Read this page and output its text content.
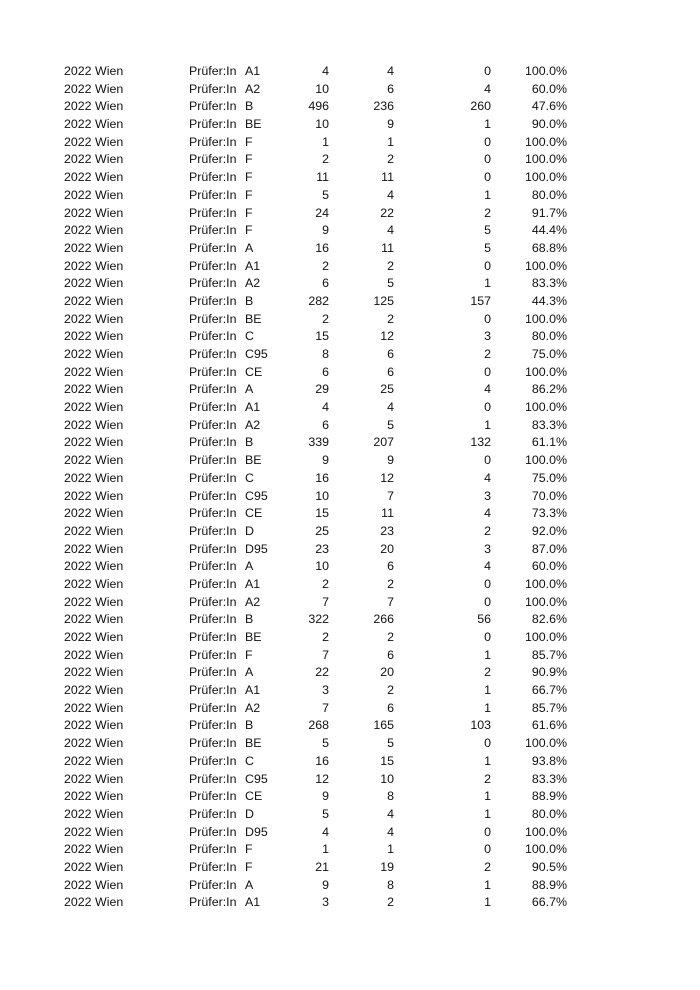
2022 Wien	Prüfer:In A1	4	4	0	100.0%
2022 Wien	Prüfer:In A2	10	6	4	60.0%
2022 Wien	Prüfer:In B	496	236	260	47.6%
2022 Wien	Prüfer:In BE	10	9	1	90.0%
2022 Wien	Prüfer:In F	1	1	0	100.0%
2022 Wien	Prüfer:In F	2	2	0	100.0%
2022 Wien	Prüfer:In F	11	11	0	100.0%
2022 Wien	Prüfer:In F	5	4	1	80.0%
2022 Wien	Prüfer:In F	24	22	2	91.7%
2022 Wien	Prüfer:In F	9	4	5	44.4%
2022 Wien	Prüfer:In A	16	11	5	68.8%
2022 Wien	Prüfer:In A1	2	2	0	100.0%
2022 Wien	Prüfer:In A2	6	5	1	83.3%
2022 Wien	Prüfer:In B	282	125	157	44.3%
2022 Wien	Prüfer:In BE	2	2	0	100.0%
2022 Wien	Prüfer:In C	15	12	3	80.0%
2022 Wien	Prüfer:In C95	8	6	2	75.0%
2022 Wien	Prüfer:In CE	6	6	0	100.0%
2022 Wien	Prüfer:In A	29	25	4	86.2%
2022 Wien	Prüfer:In A1	4	4	0	100.0%
2022 Wien	Prüfer:In A2	6	5	1	83.3%
2022 Wien	Prüfer:In B	339	207	132	61.1%
2022 Wien	Prüfer:In BE	9	9	0	100.0%
2022 Wien	Prüfer:In C	16	12	4	75.0%
2022 Wien	Prüfer:In C95	10	7	3	70.0%
2022 Wien	Prüfer:In CE	15	11	4	73.3%
2022 Wien	Prüfer:In D	25	23	2	92.0%
2022 Wien	Prüfer:In D95	23	20	3	87.0%
2022 Wien	Prüfer:In A	10	6	4	60.0%
2022 Wien	Prüfer:In A1	2	2	0	100.0%
2022 Wien	Prüfer:In A2	7	7	0	100.0%
2022 Wien	Prüfer:In B	322	266	56	82.6%
2022 Wien	Prüfer:In BE	2	2	0	100.0%
2022 Wien	Prüfer:In F	7	6	1	85.7%
2022 Wien	Prüfer:In A	22	20	2	90.9%
2022 Wien	Prüfer:In A1	3	2	1	66.7%
2022 Wien	Prüfer:In A2	7	6	1	85.7%
2022 Wien	Prüfer:In B	268	165	103	61.6%
2022 Wien	Prüfer:In BE	5	5	0	100.0%
2022 Wien	Prüfer:In C	16	15	1	93.8%
2022 Wien	Prüfer:In C95	12	10	2	83.3%
2022 Wien	Prüfer:In CE	9	8	1	88.9%
2022 Wien	Prüfer:In D	5	4	1	80.0%
2022 Wien	Prüfer:In D95	4	4	0	100.0%
2022 Wien	Prüfer:In F	1	1	0	100.0%
2022 Wien	Prüfer:In F	21	19	2	90.5%
2022 Wien	Prüfer:In A	9	8	1	88.9%
2022 Wien	Prüfer:In A1	3	2	1	66.7%
